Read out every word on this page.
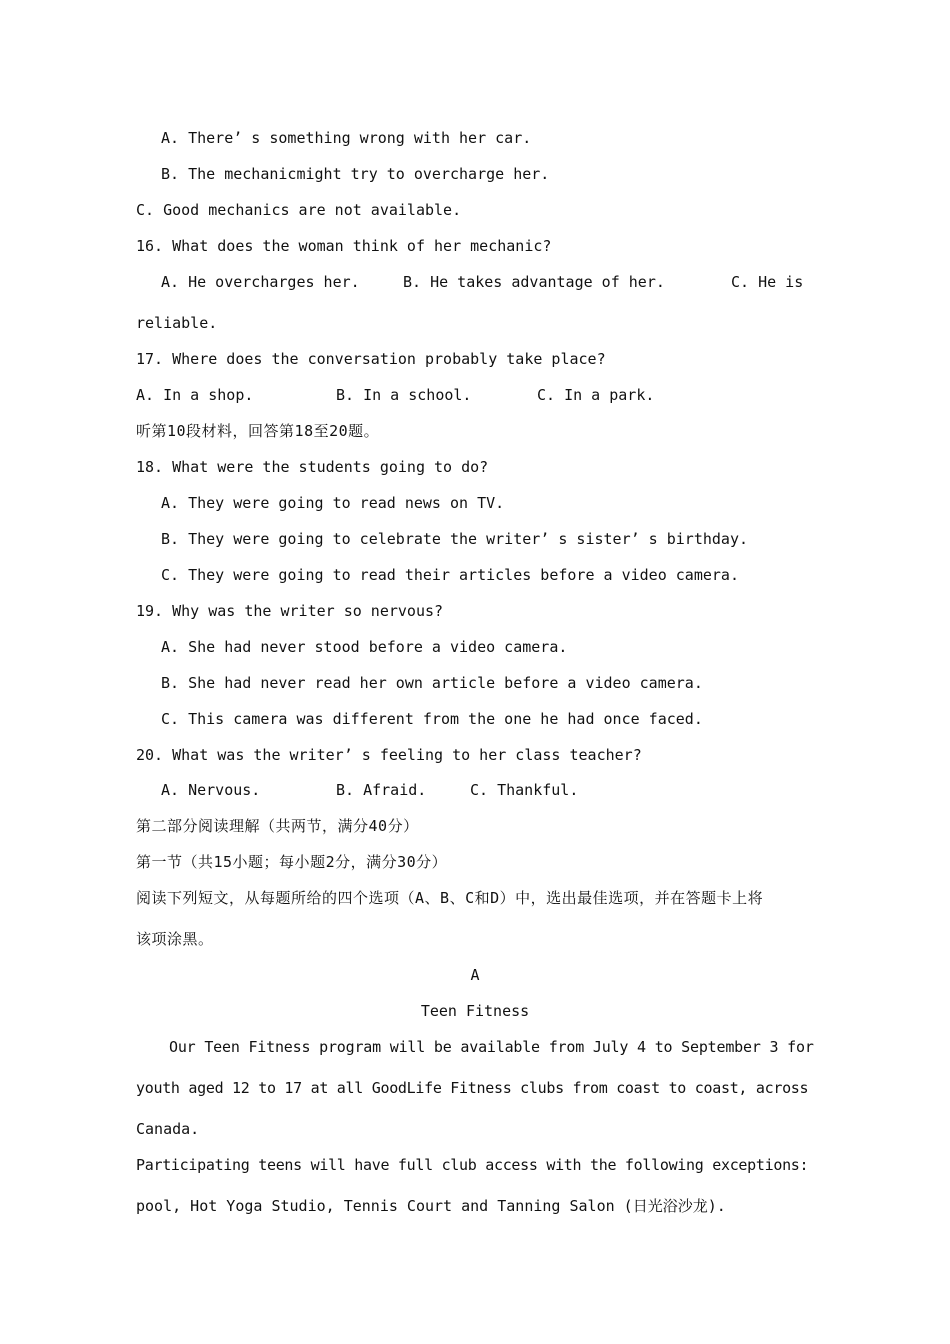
A. There’ s something wrong with her car.
B. The mechanicmight try to overcharge her.
C. Good mechanics are not available.
16. What does the woman think of her mechanic?
A. He overcharges her.	B. He takes advantage of her.	C. He is
reliable.
17. Where does the conversation probably take place?
A. In a shop.	B. In a school.	C. In a park.
听第10段材料，回答第18至20题。
18. What were the students going to do?
A. They were going to read news on TV.
B. They were going to celebrate the writer’ s sister’ s birthday.
C. They were going to read their articles before a video camera.
19. Why was the writer so nervous?
A. She had never stood before a video camera.
B. She had never read her own article before a video camera.
C. This camera was different from the one he had once faced.
20. What was the writer’ s feeling to her class teacher?
A. Nervous.	B. Afraid.	C. Thankful.
第二部分阅读理解（共两节，满分40分）
第一节（共15小题；每小题2分，满分30分）
阅读下列短文，从每题所给的四个选项（A、B、C和D）中，选出最佳选项，并在答题卡上将
该项涂黑。
A
Teen Fitness
Our Teen Fitness program will be available from July 4 to September 3 for
youth aged 12 to 17 at all GoodLife Fitness clubs from coast to coast, across
Canada.
Participating teens will have full club access with the following exceptions:
pool, Hot Yoga Studio, Tennis Court and Tanning Salon (日光浴沙龙).
